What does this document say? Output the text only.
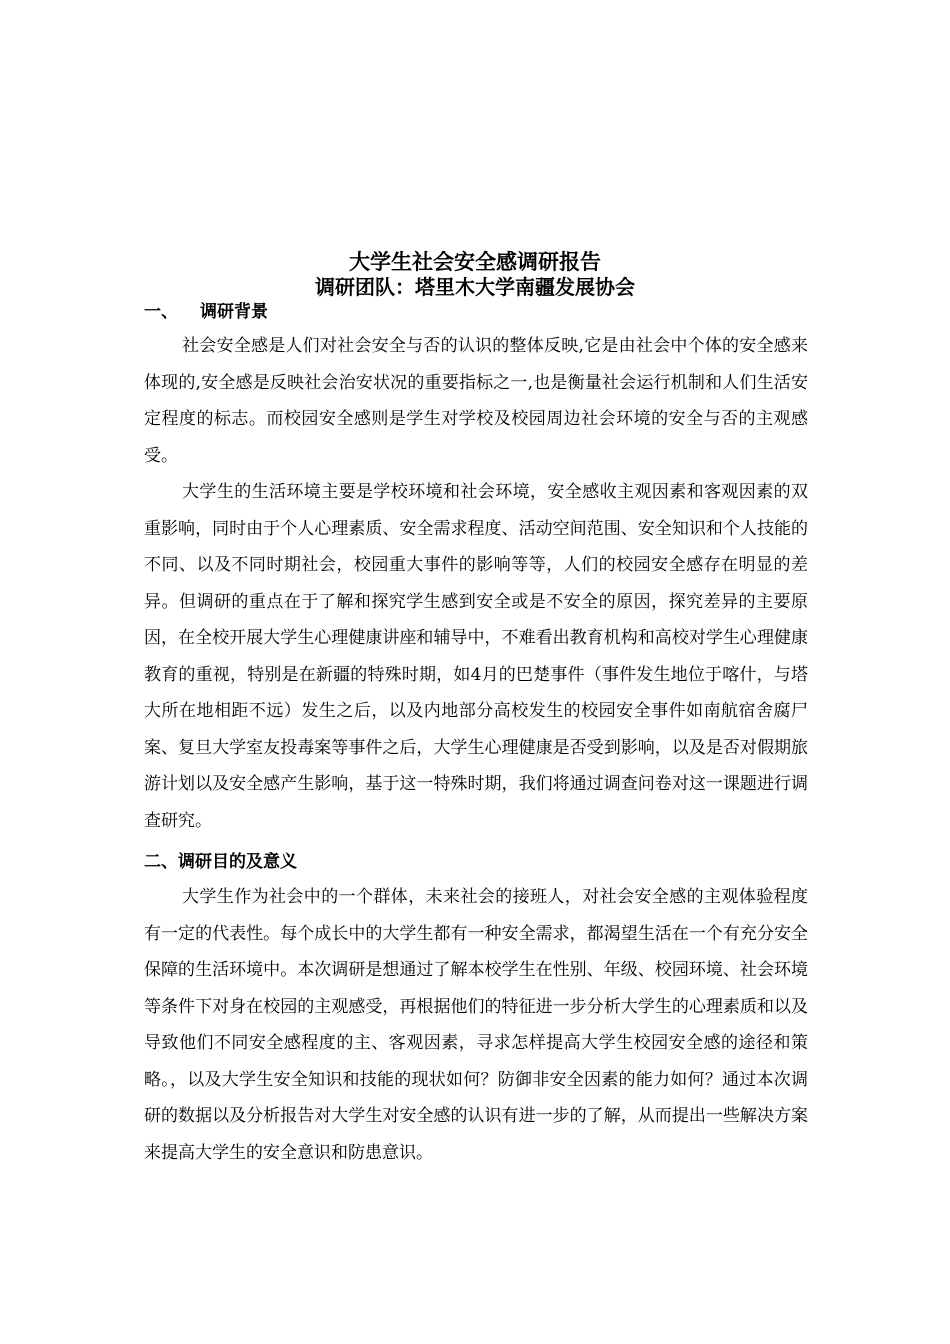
大学生社会安全感调研报告
调研团队：塔里木大学南疆发展协会
一、 调研背景

社会安全感是人们对社会安全与否的认识的整体反映,它是由社会中个体的安全感来体现的,安全感是反映社会治安状况的重要指标之一,也是衡量社会运行机制和人们生活安定程度的标志。而校园安全感则是学生对学校及校园周边社会环境的安全与否的主观感受。

大学生的生活环境主要是学校环境和社会环境，安全感收主观因素和客观因素的双重影响，同时由于个人心理素质、安全需求程度、活动空间范围、安全知识和个人技能的不同、以及不同时期社会，校园重大事件的影响等等，人们的校园安全感存在明显的差异。但调研的重点在于了解和探究学生感到安全或是不安全的原因，探究差异的主要原因，在全校开展大学生心理健康讲座和辅导中，不难看出教育机构和高校对学生心理健康教育的重视，特别是在新疆的特殊时期，如4月的巴楚事件（事件发生地位于喀什，与塔大所在地相距不远）发生之后，以及内地部分高校发生的校园安全事件如南航宿舍腐尸案、复旦大学室友投毒案等事件之后，大学生心理健康是否受到影响，以及是否对假期旅游计划以及安全感产生影响，基于这一特殊时期，我们将通过调查问卷对这一课题进行调查研究。

二、调研目的及意义

大学生作为社会中的一个群体，未来社会的接班人，对社会安全感的主观体验程度有一定的代表性。每个成长中的大学生都有一种安全需求，都渴望生活在一个有充分安全保障的生活环境中。本次调研是想通过了解本校学生在性别、年级、校园环境、社会环境等条件下对身在校园的主观感受，再根据他们的特征进一步分析大学生的心理素质和以及导致他们不同安全感程度的主、客观因素，寻求怎样提高大学生校园安全感的途径和策略。，以及大学生安全知识和技能的现状如何？防御非安全因素的能力如何？通过本次调研的数据以及分析报告对大学生对安全感的认识有进一步的了解，从而提出一些解决方案来提高大学生的安全意识和防患意识。
